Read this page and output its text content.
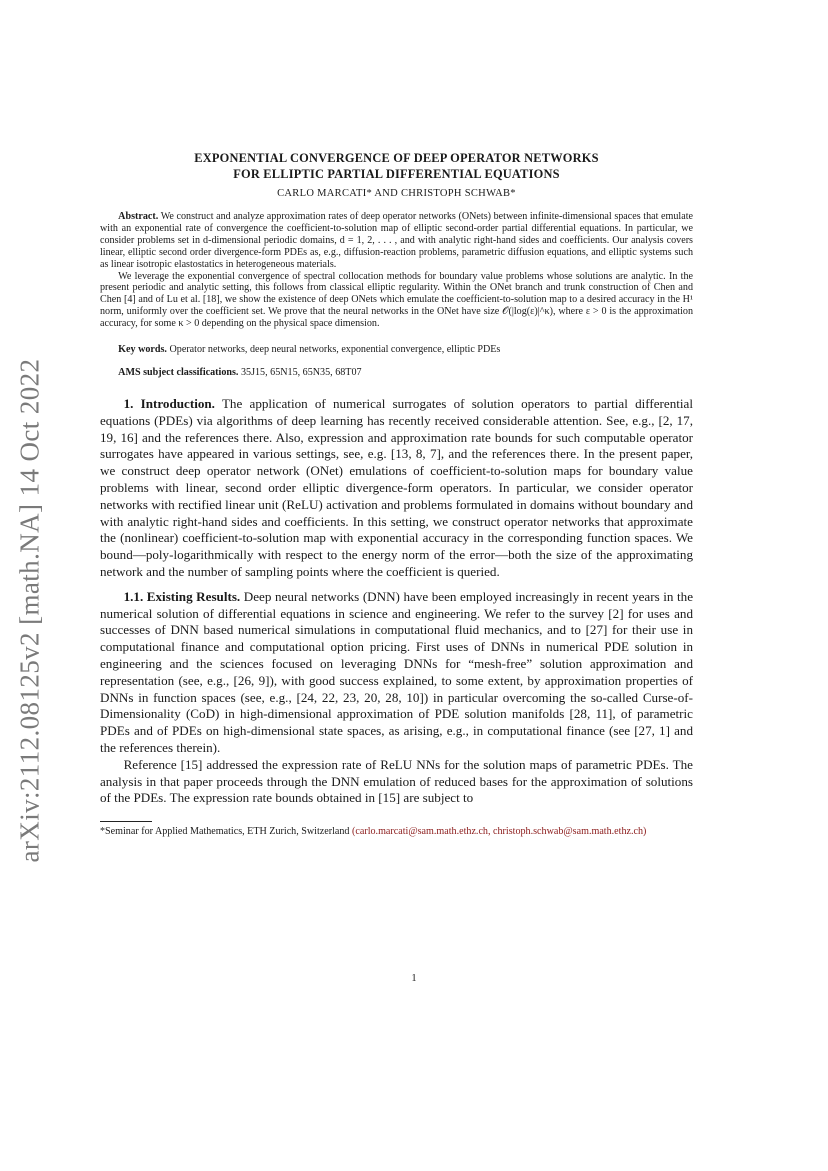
arXiv:2112.08125v2 [math.NA] 14 Oct 2022
EXPONENTIAL CONVERGENCE OF DEEP OPERATOR NETWORKS
FOR ELLIPTIC PARTIAL DIFFERENTIAL EQUATIONS
CARLO MARCATI* AND CHRISTOPH SCHWAB*

Abstract. We construct and analyze approximation rates of deep operator networks (ONets) between infinite-dimensional spaces that emulate with an exponential rate of convergence the coefficient-to-solution map of elliptic second-order partial differential equations. In particular, we consider problems set in d-dimensional periodic domains, d = 1, 2, . . . , and with analytic right-hand sides and coefficients. Our analysis covers linear, elliptic second order divergence-form PDEs as, e.g., diffusion-reaction problems, parametric diffusion equations, and elliptic systems such as linear isotropic elastostatics in heterogeneous materials.

We leverage the exponential convergence of spectral collocation methods for boundary value problems whose solutions are analytic. In the present periodic and analytic setting, this follows from classical elliptic regularity. Within the ONet branch and trunk construction of Chen and Chen [4] and of Lu et al. [18], we show the existence of deep ONets which emulate the coefficient-to-solution map to a desired accuracy in the H¹ norm, uniformly over the coefficient set. We prove that the neural networks in the ONet have size 𝒪(|log(ε)|^κ), where ε > 0 is the approximation accuracy, for some κ > 0 depending on the physical space dimension.

Key words. Operator networks, deep neural networks, exponential convergence, elliptic PDEs
AMS subject classifications. 35J15, 65N15, 65N35, 68T07

1. Introduction. The application of numerical surrogates of solution operators to partial differential equations (PDEs) via algorithms of deep learning has recently received considerable attention. See, e.g., [2, 17, 19, 16] and the references there. Also, expression and approximation rate bounds for such computable operator surrogates have appeared in various settings, see, e.g. [13, 8, 7], and the references there. In the present paper, we construct deep operator network (ONet) emulations of coefficient-to-solution maps for boundary value problems with linear, second order elliptic divergence-form operators. In particular, we consider operator networks with rectified linear unit (ReLU) activation and problems formulated in domains without boundary and with analytic right-hand sides and coefficients. In this setting, we construct operator networks that approximate the (nonlinear) coefficient-to-solution map with exponential accuracy in the corresponding function spaces. We bound—poly-logarithmically with respect to the energy norm of the error—both the size of the approximating network and the number of sampling points where the coefficient is queried.

1.1. Existing Results. Deep neural networks (DNN) have been employed increasingly in recent years in the numerical solution of differential equations in science and engineering. We refer to the survey [2] for uses and successes of DNN based numerical simulations in computational fluid mechanics, and to [27] for their use in computational finance and computational option pricing. First uses of DNNs in numerical PDE solution in engineering and the sciences focused on leveraging DNNs for “mesh-free” solution approximation and representation (see, e.g., [26, 9]), with good success explained, to some extent, by approximation properties of DNNs in function spaces (see, e.g., [24, 22, 23, 20, 28, 10]) in particular overcoming the so-called Curse-of-Dimensionality (CoD) in high-dimensional approximation of PDE solution manifolds [28, 11], of parametric PDEs and of PDEs on high-dimensional state spaces, as arising, e.g., in computational finance (see [27, 1] and the references therein).

Reference [15] addressed the expression rate of ReLU NNs for the solution maps of parametric PDEs. The analysis in that paper proceeds through the DNN emulation of reduced bases for the approximation of solutions of the PDEs. The expression rate bounds obtained in [15] are subject to

*Seminar for Applied Mathematics, ETH Zurich, Switzerland (carlo.marcati@sam.math.ethz.ch, christoph.schwab@sam.math.ethz.ch)
1
